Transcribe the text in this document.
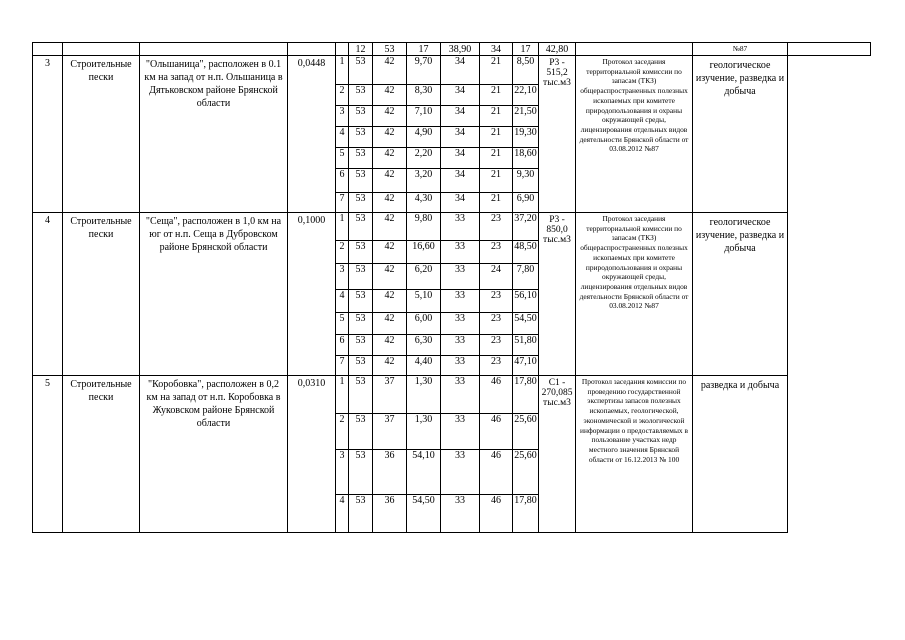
					12	53	17	38,90	34	17	42,80		№87	
3	Строительные пески	"Ольшаница", расположен в 0.1 км на запад от н.п. Ольшаница в Дятьковском районе Брянской области	0,0448	1	53	42	9,70	34	21	8,50	Р3 - 515,2 тыс.м3	Протокол заседания территориальной комиссии по запасам (ТКЗ) общераспространенных полезных ископаемых при комитете природопользования и охраны окружающей среды, лицензирования отдельных видов деятельности Брянской области от 03.08.2012 №87	геологическое изучение, разведка и добыча	
				2	53	42	8,30	34	21	22,10				
				3	53	42	7,10	34	21	21,50				
				4	53	42	4,90	34	21	19,30				
				5	53	42	2,20	34	21	18,60				
				6	53	42	3,20	34	21	9,30				
				7	53	42	4,30	34	21	6,90				
4	Строительные пески	"Сеща", расположен в 1,0 км на юг от н.п. Сеща в Дубровском районе Брянской области	0,1000	1	53	42	9,80	33	23	37,20	Р3 - 850,0 тыс.м3	Протокол заседания территориальной комиссии по запасам (ТКЗ) общераспространенных полезных ископаемых при комитете природопользования и охраны окружающей среды, лицензирования отдельных видов деятельности Брянской области от 03.08.2012 №87	геологическое изучение, разведка и добыча	
				2	53	42	16,60	33	23	48,50				
				3	53	42	6,20	33	24	7,80				
				4	53	42	5,10	33	23	56,10				
				5	53	42	6,00	33	23	54,50				
				6	53	42	6,30	33	23	51,80				
				7	53	42	4,40	33	23	47,10				
5	Строительные пески	"Коробовка", расположен в 0,2 км на запад от н.п. Коробовка в Жуковском районе Брянской области	0,0310	1	53	37	1,30	33	46	17,80	С1 - 270,085 тыс.м3	Протокол заседания комиссии по проведению государственной экспертизы запасов полезных ископаемых, геологической, экономической и экологической информации о предоставляемых в пользование участках недр местного значения Брянской области от 16.12.2013 № 100	разведка и добыча	
				2	53	37	1,30	33	46	25,60				
				3	53	36	54,10	33	46	25,60				
				4	53	36	54,50	33	46	17,80				
